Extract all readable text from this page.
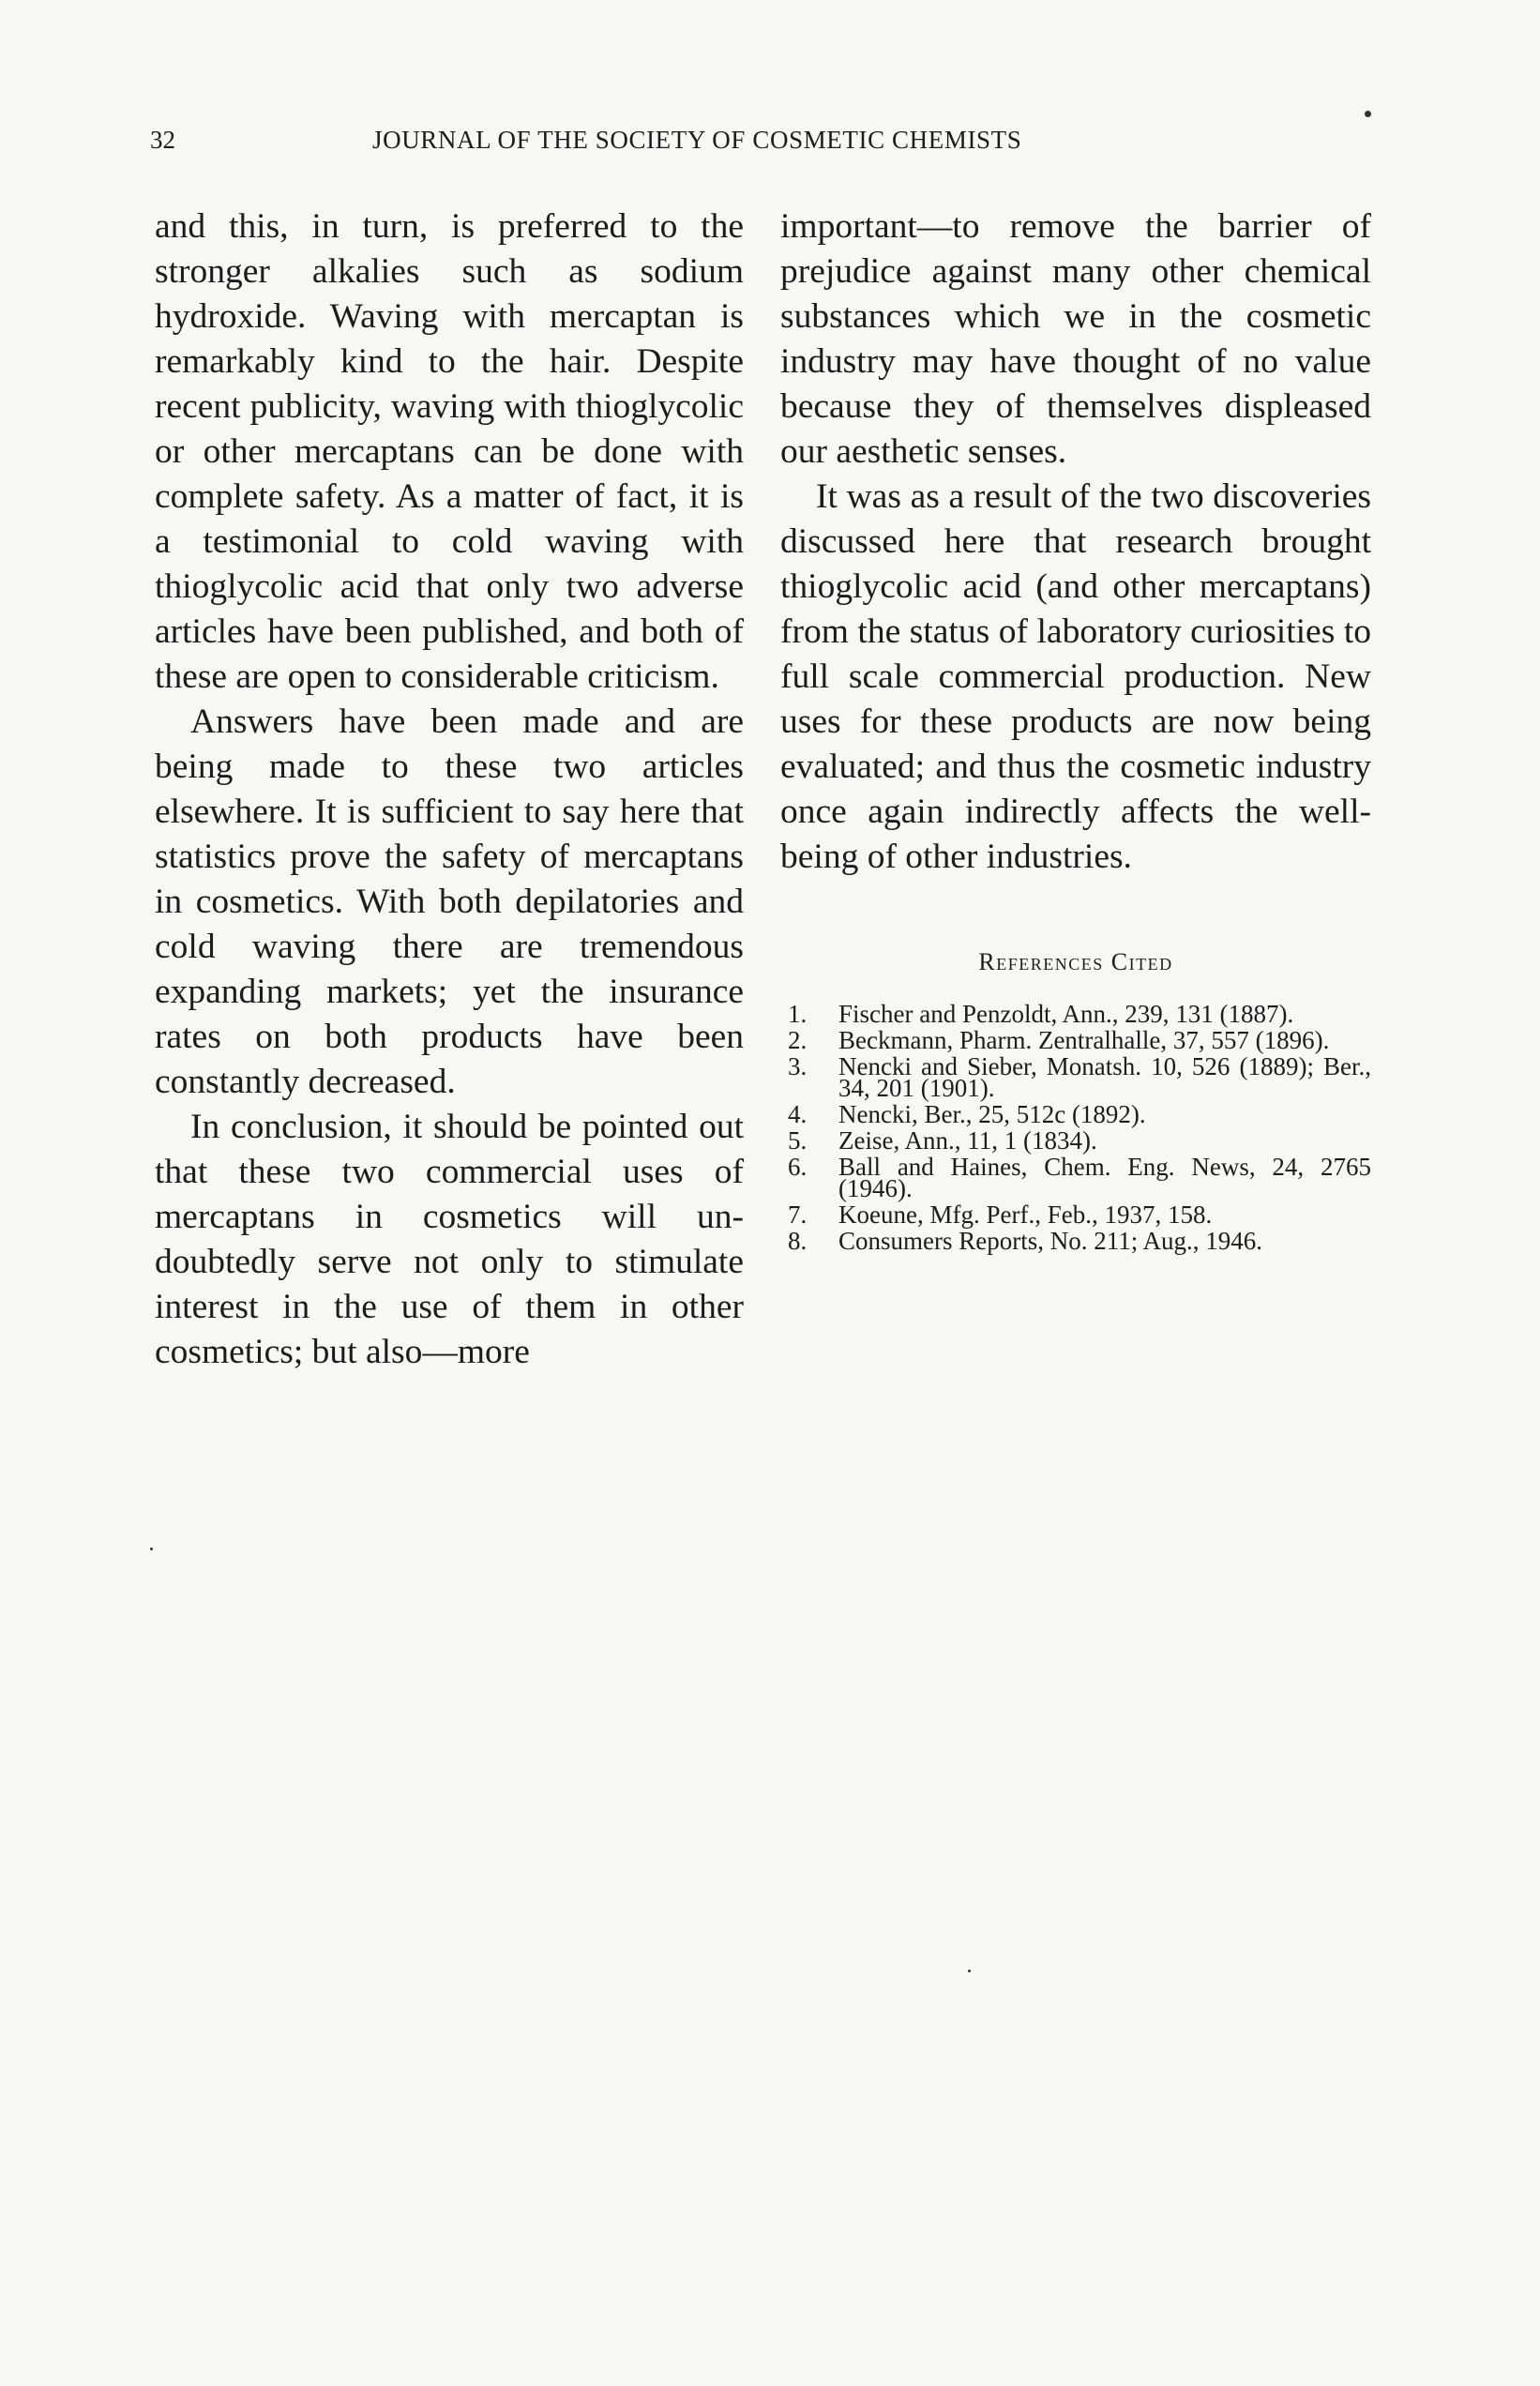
32	JOURNAL OF THE SOCIETY OF COSMETIC CHEMISTS

and this, in turn, is preferred to the stronger alkalies such as sodium hydroxide. Waving with mercaptan is remarkably kind to the hair. Despite recent publicity, waving with thioglycolic or other mercaptans can be done with complete safety. As a matter of fact, it is a testimonial to cold waving with thioglycolic acid that only two adverse articles have been published, and both of these are open to considerable criticism.

Answers have been made and are being made to these two articles elsewhere. It is sufficient to say here that statistics prove the safety of mercaptans in cosmetics. With both depilatories and cold waving there are tremendous expanding markets; yet the insurance rates on both products have been constantly decreased.

In conclusion, it should be pointed out that these two commercial uses of mercaptans in cosmetics will undoubtedly serve not only to stimulate interest in the use of them in other cosmetics; but also—more

important—to remove the barrier of prejudice against many other chemical substances which we in the cosmetic industry may have thought of no value because they of themselves displeased our aesthetic senses.

It was as a result of the two discoveries discussed here that research brought thioglycolic acid (and other mercaptans) from the status of laboratory curiosities to full scale commercial production. New uses for these products are now being evaluated; and thus the cosmetic industry once again indirectly affects the well-being of other industries.

References Cited
1.	Fischer and Penzoldt, Ann., 239, 131 (1887).
2.	Beckmann, Pharm. Zentralhalle, 37, 557 (1896).
3.	Nencki and Sieber, Monatsh. 10, 526 (1889); Ber., 34, 201 (1901).
4.	Nencki, Ber., 25, 512c (1892).
5.	Zeise, Ann., 11, 1 (1834).
6.	Ball and Haines, Chem. Eng. News, 24, 2765 (1946).
7.	Koeune, Mfg. Perf., Feb., 1937, 158.
8.	Consumers Reports, No. 211; Aug., 1946.
